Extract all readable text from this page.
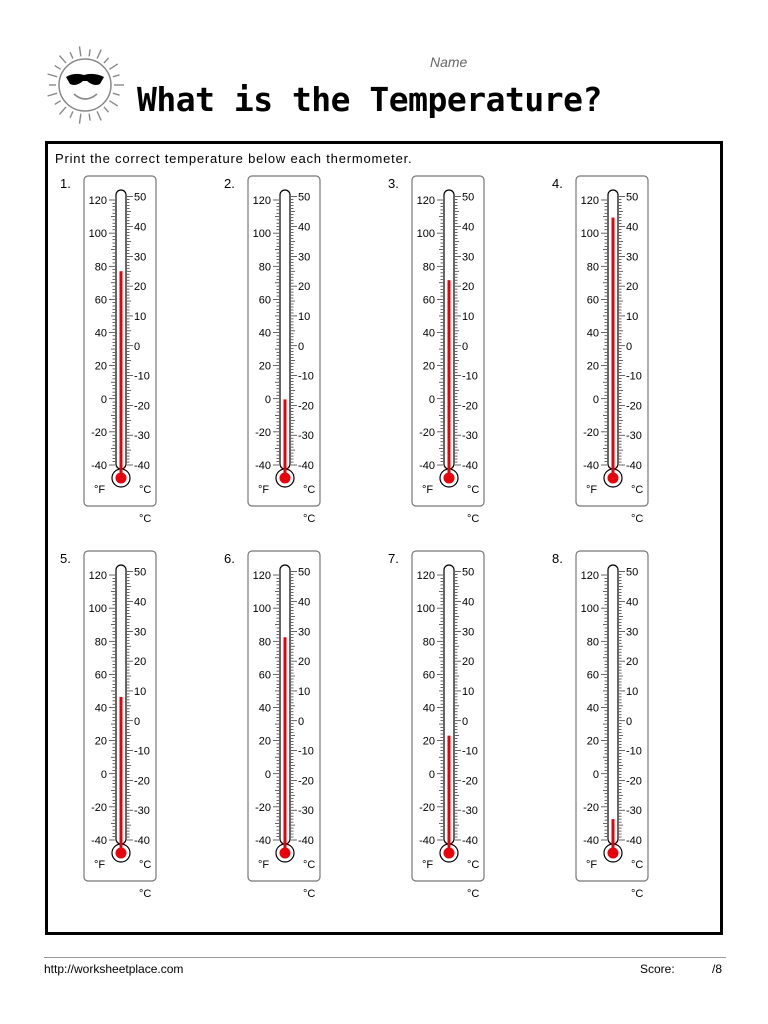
Name
What is the Temperature?
Print the correct temperature below each thermometer.
1.
120
100
80
60
40
20
0
-20
-40
50
40
30
20
10
0
-10
-20
-30
-40
°F	°C
°C
2.
120
100
80
60
40
20
0
-20
-40
50
40
30
20
10
0
-10
-20
-30
-40
°F	°C
°C
3.
120
100
80
60
40
20
0
-20
-40
50
40
30
20
10
0
-10
-20
-30
-40
°F	°C
°C
4.
120
100
80
60
40
20
0
-20
-40
50
40
30
20
10
0
-10
-20
-30
-40
°F	°C
°C
5.
120
100
80
60
40
20
0
-20
-40
50
40
30
20
10
0
-10
-20
-30
-40
°F	°C
°C
6.
120
100
80
60
40
20
0
-20
-40
50
40
30
20
10
0
-10
-20
-30
-40
°F	°C
°C
7.
120
100
80
60
40
20
0
-20
-40
50
40
30
20
10
0
-10
-20
-30
-40
°F	°C
°C
8.
120
100
80
60
40
20
0
-20
-40
50
40
30
20
10
0
-10
-20
-30
-40
°F	°C
°C
http://worksheetplace.com	Score:	/8
